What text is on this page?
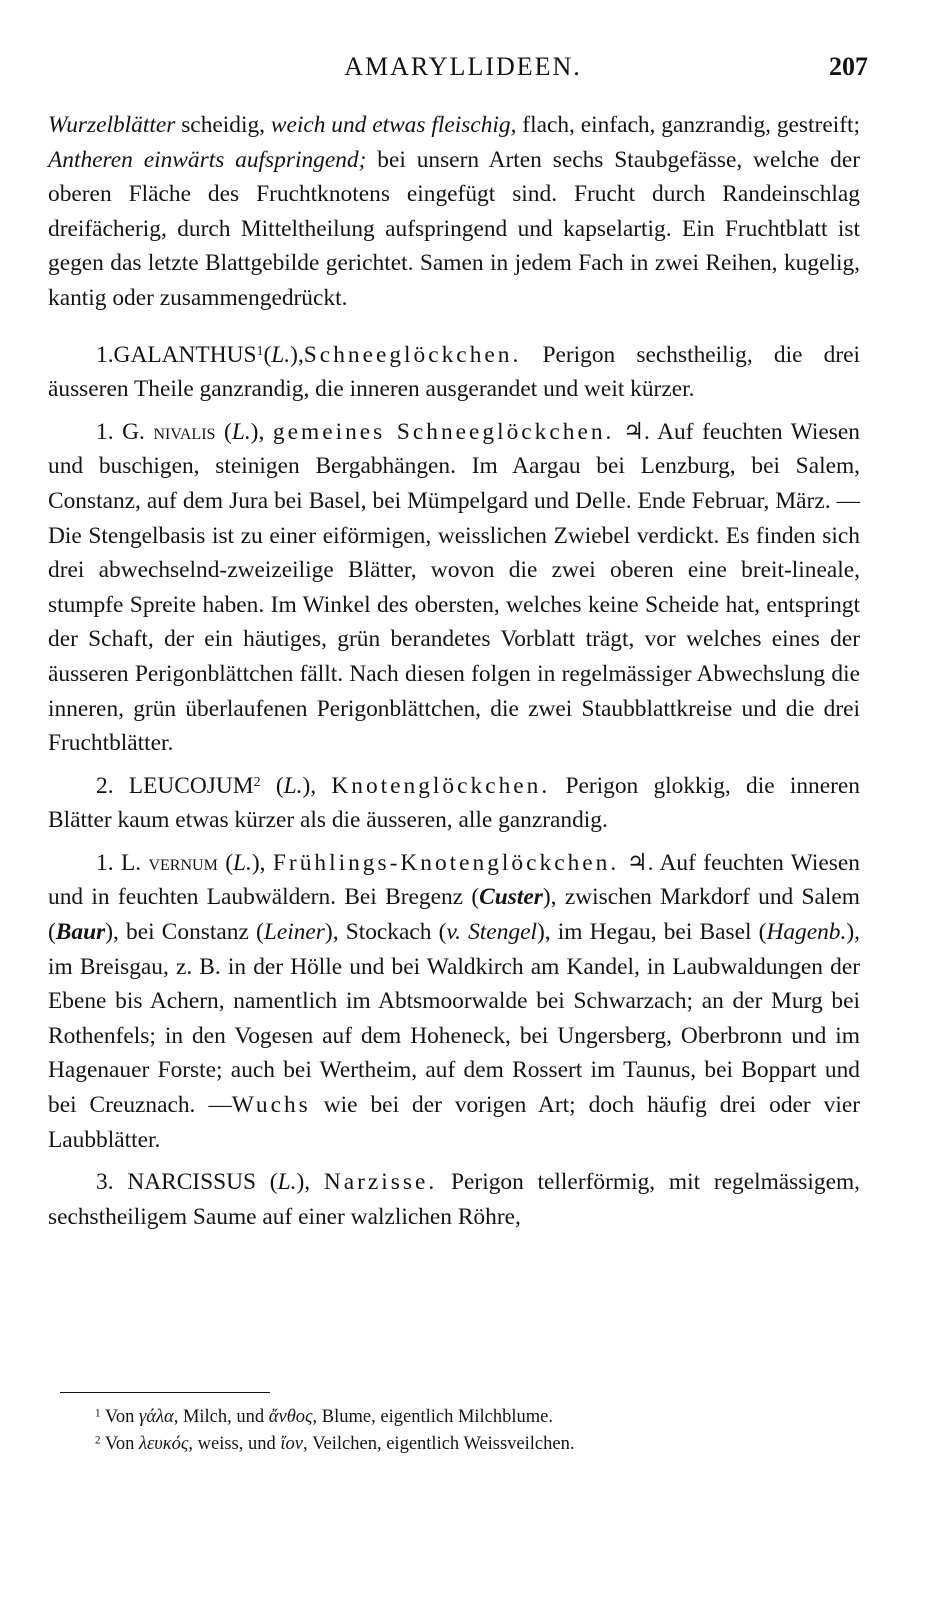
AMARYLLIDEEN.	207

Wurzelblätter scheidig, weich und etwas fleischig, flach, einfach, ganzrandig, gestreift; Antheren einwärts aufspringend; bei unsern Arten sechs Staubgefässe, welche der oberen Fläche des Fruchtknotens eingefügt sind. Frucht durch Randeinschlag dreifächerig, durch Mitteltheilung aufspringend und kapselartig. Ein Fruchtblatt ist gegen das letzte Blattgebilde gerichtet. Samen in jedem Fach in zwei Reihen, kugelig, kantig oder zusammengedrückt.

1.GALANTHUS$^1$(L.),Schneeglöckchen. Perigon sechstheilig, die drei äusseren Theile ganzrandig, die inneren ausgerandet und weit kürzer.

1. G. nivalis (L.), gemeines Schneeglöckchen. ♃. Auf feuchten Wiesen und buschigen, steinigen Bergabhängen. Im Aargau bei Lenzburg, bei Salem, Constanz, auf dem Jura bei Basel, bei Mümpelgard und Delle. Ende Februar, März. — Die Stengelbasis ist zu einer eiförmigen, weisslichen Zwiebel verdickt. Es finden sich drei abwechselnd-zweizeilige Blätter, wovon die zwei oberen eine breit-lineale, stumpfe Spreite haben. Im Winkel des obersten, welches keine Scheide hat, entspringt der Schaft, der ein häutiges, grün berandetes Vorblatt trägt, vor welches eines der äusseren Perigonblättchen fällt. Nach diesen folgen in regelmässiger Abwechslung die inneren, grün überlaufenen Perigonblättchen, die zwei Staubblattkreise und die drei Fruchtblätter.

2. LEUCOJUM$^2$ (L.), Knotenglöckchen. Perigon glokkig, die inneren Blätter kaum etwas kürzer als die äusseren, alle ganzrandig.

1. L. vernum (L.), Frühlings-Knotenglöckchen. ♃. Auf feuchten Wiesen und in feuchten Laubwäldern. Bei Bregenz (Custer), zwischen Markdorf und Salem (Baur), bei Constanz (Leiner), Stockach (v. Stengel), im Hegau, bei Basel (Hagenb.), im Breisgau, z. B. in der Hölle und bei Waldkirch am Kandel, in Laubwaldungen der Ebene bis Achern, namentlich im Abtsmoorwalde bei Schwarzach; an der Murg bei Rothenfels; in den Vogesen auf dem Hoheneck, bei Ungersberg, Oberbronn und im Hagenauer Forste; auch bei Wertheim, auf dem Rossert im Taunus, bei Boppart und bei Creuznach. —Wuchs wie bei der vorigen Art; doch häufig drei oder vier Laubblätter.

3. NARCISSUS (L.), Narzisse. Perigon tellerförmig, mit regelmässigem, sechstheiligem Saume auf einer walzlichen Röhre,

$^1$ Von γάλα, Milch, und ἄνθος, Blume, eigentlich Milchblume.

$^2$ Von λευκός, weiss, und ἴον, Veilchen, eigentlich Weissveilchen.
